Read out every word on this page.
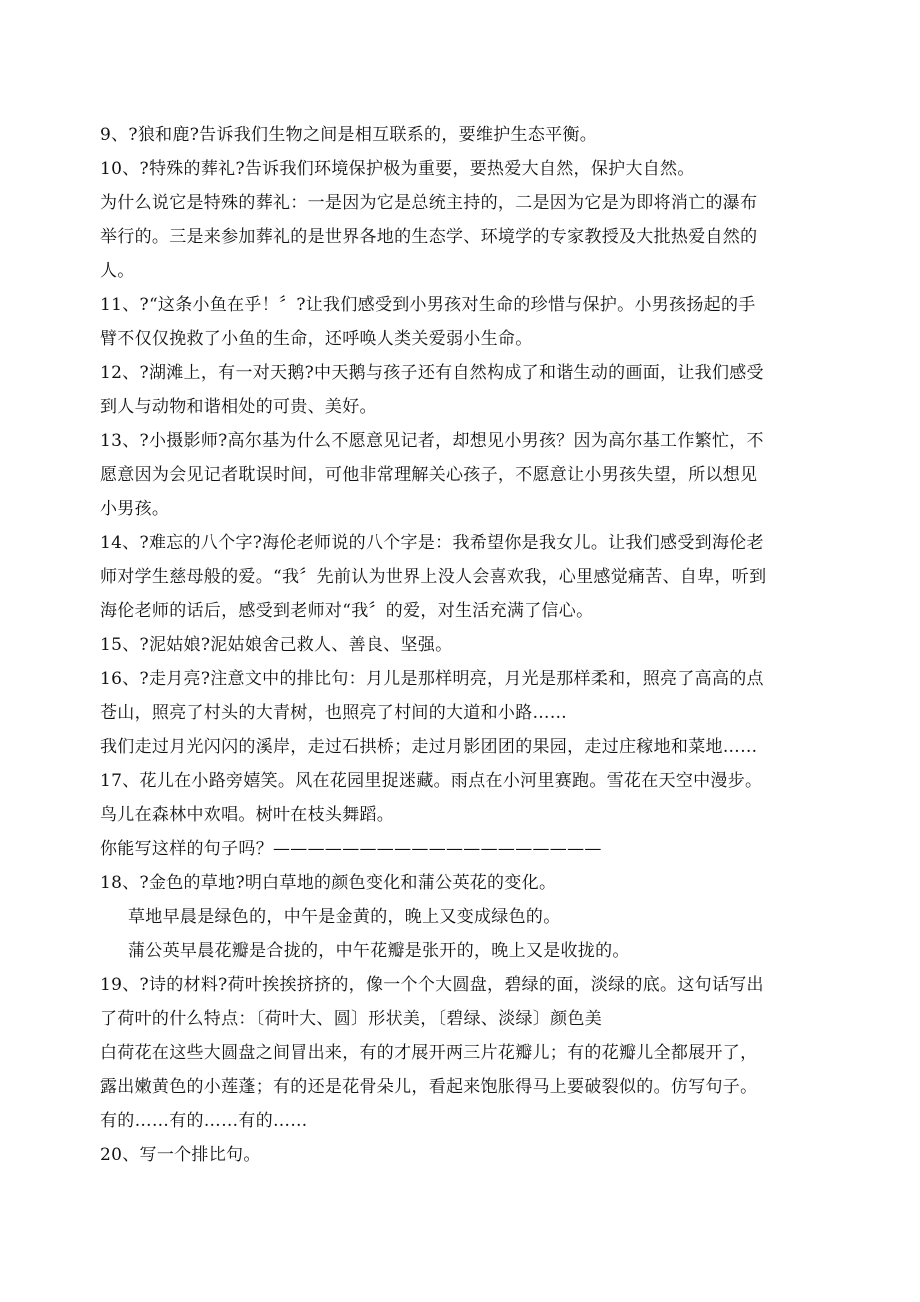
9、?狼和鹿?告诉我们生物之间是相互联系的，要维护生态平衡。
10、?特殊的葬礼?告诉我们环境保护极为重要，要热爱大自然，保护大自然。
为什么说它是特殊的葬礼：一是因为它是总统主持的，二是因为它是为即将消亡的瀑布
举行的。三是来参加葬礼的是世界各地的生态学、环境学的专家教授及大批热爱自然的
人。
11、?“这条小鱼在乎！〞?让我们感受到小男孩对生命的珍惜与保护。小男孩扬起的手
臂不仅仅挽救了小鱼的生命，还呼唤人类关爱弱小生命。
12、?湖滩上，有一对天鹅?中天鹅与孩子还有自然构成了和谐生动的画面，让我们感受
到人与动物和谐相处的可贵、美好。
13、?小摄影师?高尔基为什么不愿意见记者，却想见小男孩？因为高尔基工作繁忙，不
愿意因为会见记者耽误时间，可他非常理解关心孩子，不愿意让小男孩失望，所以想见
小男孩。
14、?难忘的八个字?海伦老师说的八个字是：我希望你是我女儿。让我们感受到海伦老
师对学生慈母般的爱。“我〞先前认为世界上没人会喜欢我，心里感觉痛苦、自卑，听到
海伦老师的话后，感受到老师对“我〞的爱，对生活充满了信心。
15、?泥姑娘?泥姑娘舍己救人、善良、坚强。
16、?走月亮?注意文中的排比句：月儿是那样明亮，月光是那样柔和，照亮了高高的点
苍山，照亮了村头的大青树，也照亮了村间的大道和小路……
我们走过月光闪闪的溪岸，走过石拱桥；走过月影团团的果园，走过庄稼地和菜地……
17、花儿在小路旁嬉笑。风在花园里捉迷藏。雨点在小河里赛跑。雪花在天空中漫步。
鸟儿在森林中欢唱。树叶在枝头舞蹈。
你能写这样的句子吗？———————————————————
18、?金色的草地?明白草地的颜色变化和蒲公英花的变化。
草地早晨是绿色的，中午是金黄的，晚上又变成绿色的。
蒲公英早晨花瓣是合拢的，中午花瓣是张开的，晚上又是收拢的。
19、?诗的材料?荷叶挨挨挤挤的，像一个个大圆盘，碧绿的面，淡绿的底。这句话写出
了荷叶的什么特点：〔荷叶大、圆〕形状美，〔碧绿、淡绿〕颜色美
白荷花在这些大圆盘之间冒出来，有的才展开两三片花瓣儿；有的花瓣儿全都展开了，
露出嫩黄色的小莲蓬；有的还是花骨朵儿，看起来饱胀得马上要破裂似的。仿写句子。
有的……有的……有的……
20、写一个排比句。
